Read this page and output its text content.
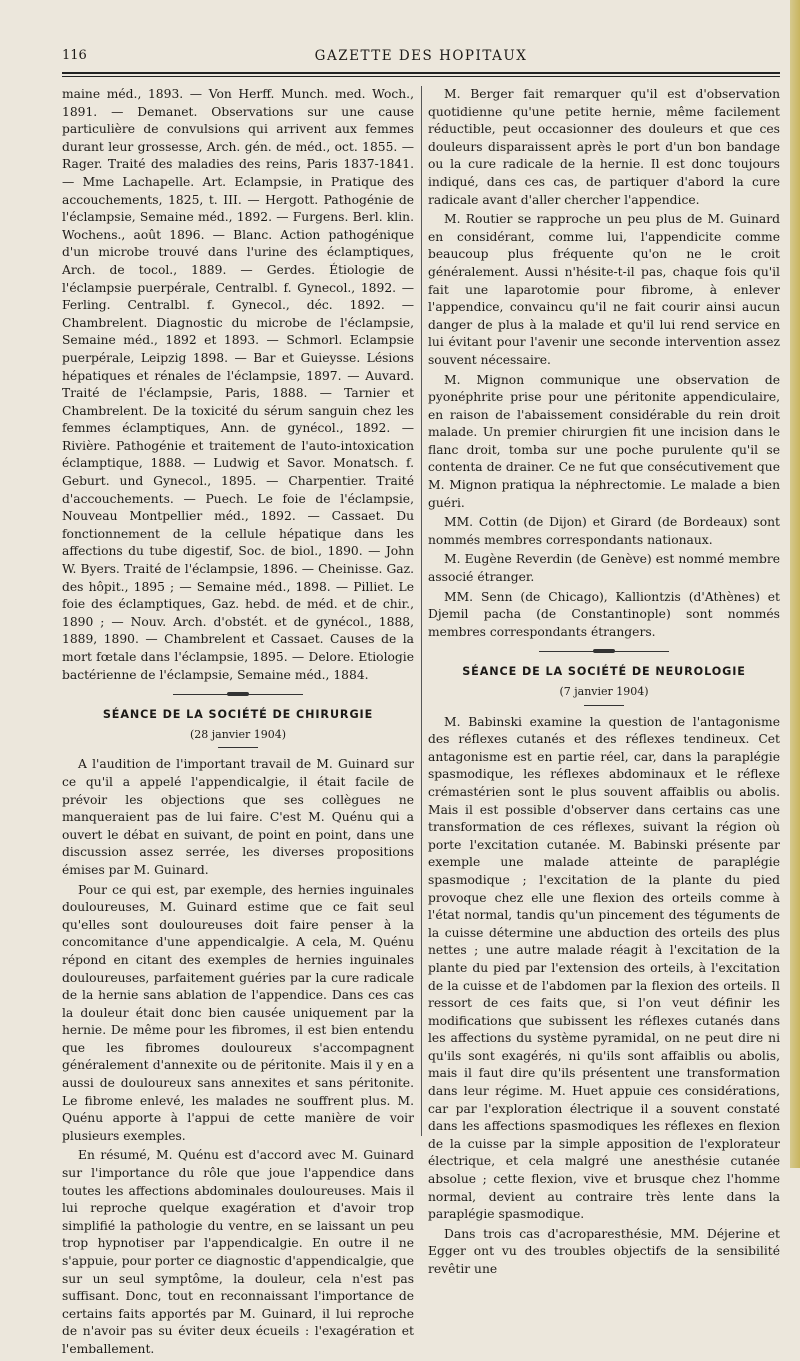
116	GAZETTE DES HOPITAUX

maine méd., 1893. — Von Herff. Munch. med. Woch., 1891. — Demanet. Observations sur une cause particulière de convulsions qui arrivent aux femmes durant leur grossesse, Arch. gén. de méd., oct. 1855. — Rager. Traité des maladies des reins, Paris 1837-1841. — Mme Lachapelle. Art. Eclampsie, in Pratique des accouchements, 1825, t. III. — Hergott. Pathogénie de l'éclampsie, Semaine méd., 1892. — Furgens. Berl. klin. Wochens., août 1896. — Blanc. Action pathogénique d'un microbe trouvé dans l'urine des éclamptiques, Arch. de tocol., 1889. — Gerdes. Étiologie de l'éclampsie puerpérale, Centralbl. f. Gynecol., 1892. — Ferling. Centralbl. f. Gynecol., déc. 1892. — Chambrelent. Diagnostic du microbe de l'éclampsie, Semaine méd., 1892 et 1893. — Schmorl. Eclampsie puerpérale, Leipzig 1898. — Bar et Guieysse. Lésions hépatiques et rénales de l'éclampsie, 1897. — Auvard. Traité de l'éclampsie, Paris, 1888. — Tarnier et Chambrelent. De la toxicité du sérum sanguin chez les femmes éclamptiques, Ann. de gynécol., 1892. — Rivière. Pathogénie et traitement de l'auto-intoxication éclamptique, 1888. — Ludwig et Savor. Monatsch. f. Geburt. und Gynecol., 1895. — Charpentier. Traité d'accouchements. — Puech. Le foie de l'éclampsie, Nouveau Montpellier méd., 1892. — Cassaet. Du fonctionnement de la cellule hépatique dans les affections du tube digestif, Soc. de biol., 1890. — John W. Byers. Traité de l'éclampsie, 1896. — Cheinisse. Gaz. des hôpit., 1895 ; — Semaine méd., 1898. — Pilliet. Le foie des éclamptiques, Gaz. hebd. de méd. et de chir., 1890 ; — Nouv. Arch. d'obstét. et de gynécol., 1888, 1889, 1890. — Chambrelent et Cassaet. Causes de la mort fœtale dans l'éclampsie, 1895. — Delore. Etiologie bactérienne de l'éclampsie, Semaine méd., 1884.

SÉANCE DE LA SOCIÉTÉ DE CHIRURGIE
(28 janvier 1904)

A l'audition de l'important travail de M. Guinard sur ce qu'il a appelé l'appendicalgie, il était facile de prévoir les objections que ses collègues ne manqueraient pas de lui faire. C'est M. Quénu qui a ouvert le débat en suivant, de point en point, dans une discussion assez serrée, les diverses propositions émises par M. Guinard.

Pour ce qui est, par exemple, des hernies inguinales douloureuses, M. Guinard estime que ce fait seul qu'elles sont douloureuses doit faire penser à la concomitance d'une appendicalgie. A cela, M. Quénu répond en citant des exemples de hernies inguinales douloureuses, parfaitement guéries par la cure radicale de la hernie sans ablation de l'appendice. Dans ces cas la douleur était donc bien causée uniquement par la hernie. De même pour les fibromes, il est bien entendu que les fibromes douloureux s'accompagnent généralement d'annexite ou de péritonite. Mais il y en a aussi de douloureux sans annexites et sans péritonite. Le fibrome enlevé, les malades ne souffrent plus. M. Quénu apporte à l'appui de cette manière de voir plusieurs exemples.

En résumé, M. Quénu est d'accord avec M. Guinard sur l'importance du rôle que joue l'appendice dans toutes les affections abdominales douloureuses. Mais il lui reproche quelque exagération et d'avoir trop simplifié la pathologie du ventre, en se laissant un peu trop hypnotiser par l'appendicalgie. En outre il ne s'appuie, pour porter ce diagnostic d'appendicalgie, que sur un seul symptôme, la douleur, cela n'est pas suffisant. Donc, tout en reconnaissant l'importance de certains faits apportés par M. Guinard, il lui reproche de n'avoir pas su éviter deux écueils : l'exagération et l'emballement.

M. Berger fait remarquer qu'il est d'observation quotidienne qu'une petite hernie, même facilement réductible, peut occasionner des douleurs et que ces douleurs disparaissent après le port d'un bon bandage ou la cure radicale de la hernie. Il est donc toujours indiqué, dans ces cas, de partiquer d'abord la cure radicale avant d'aller chercher l'appendice.

M. Routier se rapproche un peu plus de M. Guinard en considérant, comme lui, l'appendicite comme beaucoup plus fréquente qu'on ne le croit généralement. Aussi n'hésite-t-il pas, chaque fois qu'il fait une laparotomie pour fibrome, à enlever l'appendice, convaincu qu'il ne fait courir ainsi aucun danger de plus à la malade et qu'il lui rend service en lui évitant pour l'avenir une seconde intervention assez souvent nécessaire.

M. Mignon communique une observation de pyonéphrite prise pour une péritonite appendiculaire, en raison de l'abaissement considérable du rein droit malade. Un premier chirurgien fit une incision dans le flanc droit, tomba sur une poche purulente qu'il se contenta de drainer. Ce ne fut que consécutivement que M. Mignon pratiqua la néphrectomie. Le malade a bien guéri.

MM. Cottin (de Dijon) et Girard (de Bordeaux) sont nommés membres correspondants nationaux.

M. Eugène Reverdin (de Genève) est nommé membre associé étranger.

MM. Senn (de Chicago), Kalliontzis (d'Athènes) et Djemil pacha (de Constantinople) sont nommés membres correspondants étrangers.

SÉANCE DE LA SOCIÉTÉ DE NEUROLOGIE
(7 janvier 1904)

M. Babinski examine la question de l'antagonisme des réflexes cutanés et des réflexes tendineux. Cet antagonisme est en partie réel, car, dans la paraplégie spasmodique, les réflexes abdominaux et le réflexe crémastérien sont le plus souvent affaiblis ou abolis. Mais il est possible d'observer dans certains cas une transformation de ces réflexes, suivant la région où porte l'excitation cutanée. M. Babinski présente par exemple une malade atteinte de paraplégie spasmodique ; l'excitation de la plante du pied provoque chez elle une flexion des orteils comme à l'état normal, tandis qu'un pincement des téguments de la cuisse détermine une abduction des orteils des plus nettes ; une autre malade réagit à l'excitation de la plante du pied par l'extension des orteils, à l'excitation de la cuisse et de l'abdomen par la flexion des orteils. Il ressort de ces faits que, si l'on veut définir les modifications que subissent les réflexes cutanés dans les affections du système pyramidal, on ne peut dire ni qu'ils sont exagérés, ni qu'ils sont affaiblis ou abolis, mais il faut dire qu'ils présentent une transformation dans leur régime. M. Huet appuie ces considérations, car par l'exploration électrique il a souvent constaté dans les affections spasmodiques les réflexes en flexion de la cuisse par la simple apposition de l'explorateur électrique, et cela malgré une anesthésie cutanée absolue ; cette flexion, vive et brusque chez l'homme normal, devient au contraire très lente dans la paraplégie spasmodique.

Dans trois cas d'acroparesthésie, MM. Déjerine et Egger ont vu des troubles objectifs de la sensibilité revêtir une
